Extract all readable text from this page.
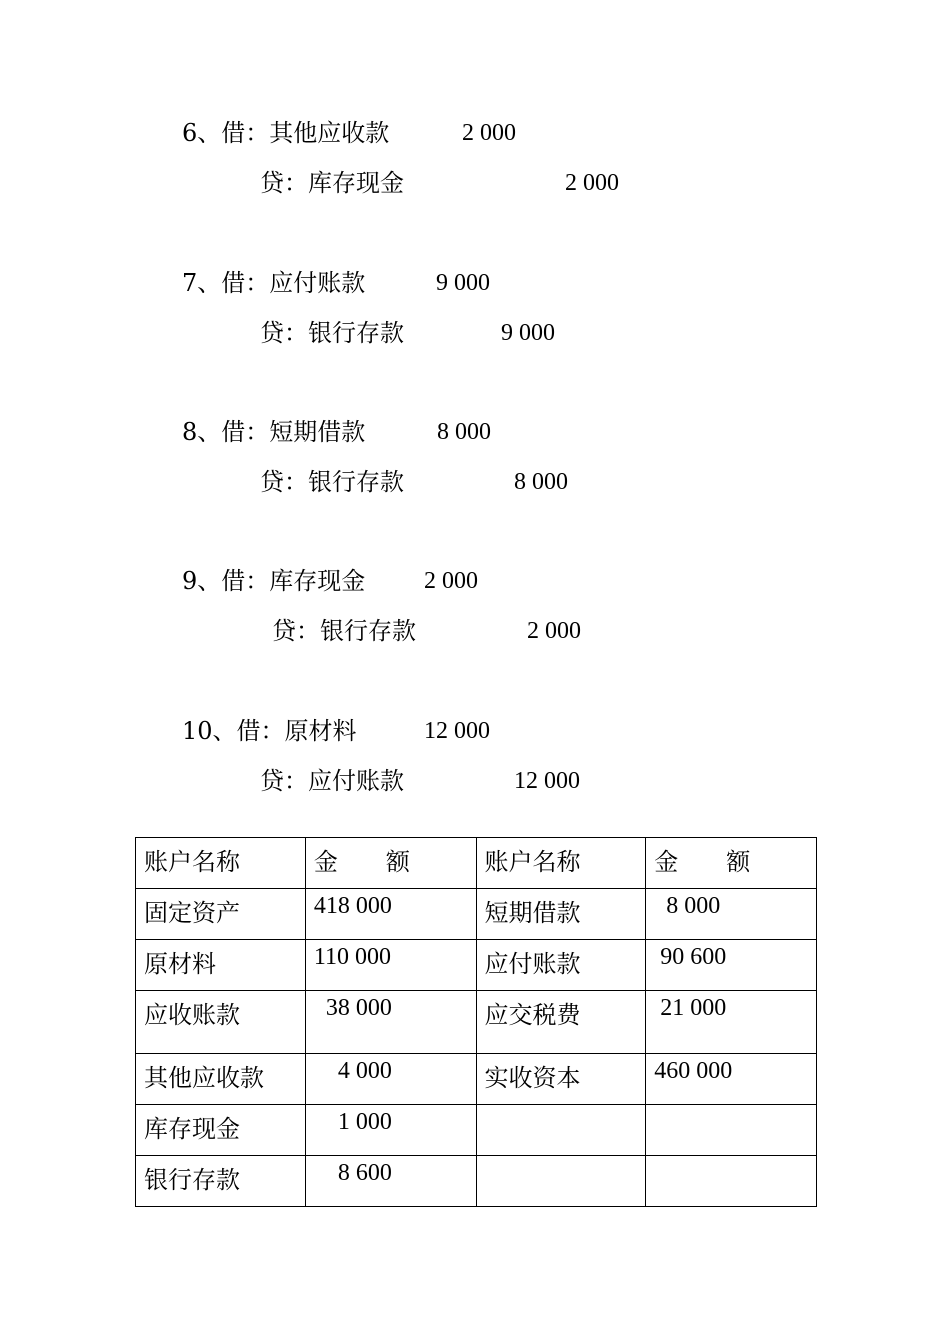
6、借：其他应收款	2 000
贷：库存现金	2 000
7、借：应付账款	9 000
贷：银行存款	9 000
8、借：短期借款	8 000
贷：银行存款	8 000
9、借：库存现金 2 000
贷：银行存款	2 000
10、借：原材料	12 000
贷：应付账款	12 000
账户名称	金　　额	账户名称	金　　额
固定资产	418 000	短期借款	8 000
原材料	110 000	应付账款	90 600
应收账款	38 000	应交税费	21 000
其他应收款	4 000	实收资本	460 000
库存现金	1 000		
银行存款	8 600		
